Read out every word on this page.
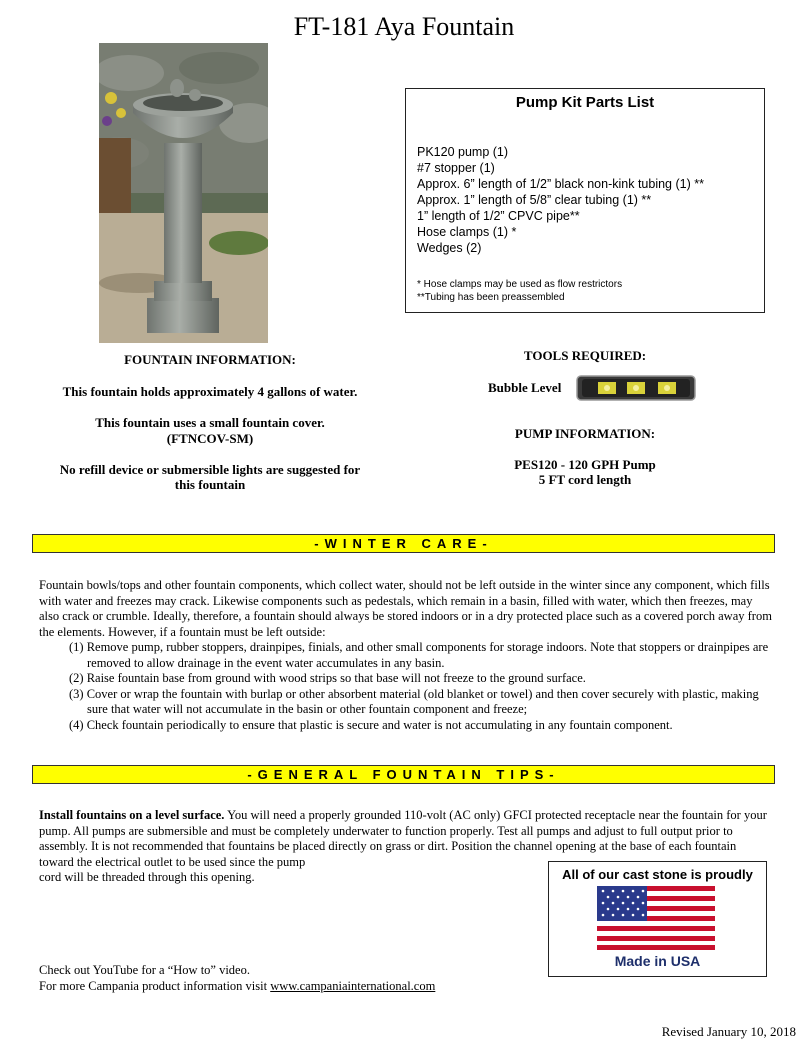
FT-181 Aya Fountain
Pump Kit Parts List
PK120 pump (1)
#7 stopper (1)
Approx. 6” length of 1/2” black non-kink tubing (1) **
Approx. 1” length of 5/8” clear tubing (1) **
1” length of 1/2” CPVC pipe**
Hose clamps (1) *
Wedges (2)
* Hose clamps may be used as flow restrictors
**Tubing has been preassembled
FOUNTAIN INFORMATION:
This fountain holds approximately 4 gallons of water.
This fountain uses a small fountain cover.
(FTNCOV-SM)
No refill device or submersible lights are suggested for
this fountain
TOOLS REQUIRED:
Bubble Level
PUMP INFORMATION:
PES120 - 120 GPH Pump
5 FT cord length
-WINTER CARE-
Fountain bowls/tops and other fountain components, which collect water, should not be left outside in the winter since any component, which fills with water and freezes may crack. Likewise components such as pedestals, which remain in a basin, filled with water, which then freezes, may also crack or crumble. Ideally, therefore, a fountain should always be stored indoors or in a dry protected place such as a covered porch away from the elements. However, if a fountain must be left outside:
(1) Remove pump, rubber stoppers, drainpipes, finials, and other small components for storage indoors. Note that stoppers or drainpipes are removed to allow drainage in the event water accumulates in any basin.
(2) Raise fountain base from ground with wood strips so that base will not freeze to the ground surface.
(3) Cover or wrap the fountain with burlap or other absorbent material (old blanket or towel) and then cover securely with plastic, making sure that water will not accumulate in the basin or other fountain component and freeze;
(4) Check fountain periodically to ensure that plastic is secure and water is not accumulating in any fountain component.
-GENERAL FOUNTAIN TIPS-
Install fountains on a level surface. You will need a properly grounded 110-volt (AC only) GFCI protected receptacle near the fountain for your pump. All pumps are submersible and must be completely underwater to function properly. Test all pumps and adjust to full output prior to assembly. It is not recommended that fountains be placed directly on grass or dirt. Position the channel opening at the base of each fountain toward the electrical outlet to be used since the pump
cord will be threaded through this opening.	All of our cast stone is proudly
Made in USA
Check out YouTube for a “How to” video.
For more Campania product information visit www.campaniainternational.com
Revised January 10, 2018
